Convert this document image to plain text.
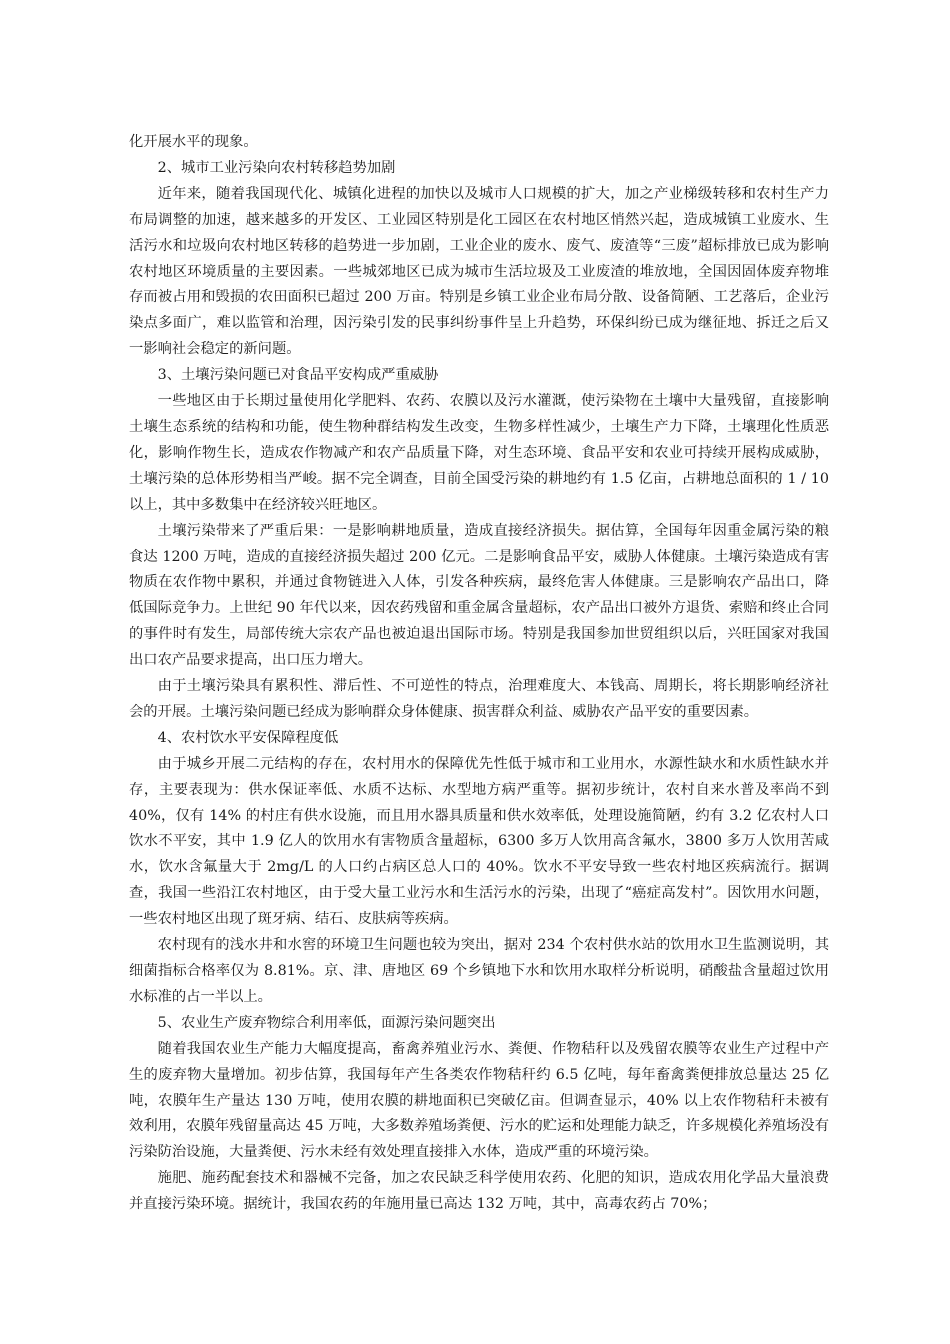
化开展水平的现象。

2、城市工业污染向农村转移趋势加剧

近年来，随着我国现代化、城镇化进程的加快以及城市人口规模的扩大，加之产业梯级转移和农村生产力布局调整的加速，越来越多的开发区、工业园区特别是化工园区在农村地区悄然兴起，造成城镇工业废水、生活污水和垃圾向农村地区转移的趋势进一步加剧，工业企业的废水、废气、废渣等“三废”超标排放已成为影响农村地区环境质量的主要因素。一些城郊地区已成为城市生活垃圾及工业废渣的堆放地，全国因固体废弃物堆存而被占用和毁损的农田面积已超过 200 万亩。特别是乡镇工业企业布局分散、设备简陋、工艺落后，企业污染点多面广，难以监管和治理，因污染引发的民事纠纷事件呈上升趋势，环保纠纷已成为继征地、拆迁之后又一影响社会稳定的新问题。

3、土壤污染问题已对食品平安构成严重威胁

一些地区由于长期过量使用化学肥料、农药、农膜以及污水灌溉，使污染物在土壤中大量残留，直接影响土壤生态系统的结构和功能，使生物种群结构发生改变，生物多样性减少，土壤生产力下降，土壤理化性质恶化，影响作物生长，造成农作物减产和农产品质量下降，对生态环境、食品平安和农业可持续开展构成威胁，土壤污染的总体形势相当严峻。据不完全调查，目前全国受污染的耕地约有 1.5 亿亩，占耕地总面积的 1 / 10 以上，其中多数集中在经济较兴旺地区。

土壤污染带来了严重后果：一是影响耕地质量，造成直接经济损失。据估算，全国每年因重金属污染的粮食达 1200 万吨，造成的直接经济损失超过 200 亿元。二是影响食品平安，威胁人体健康。土壤污染造成有害物质在农作物中累积，并通过食物链进入人体，引发各种疾病，最终危害人体健康。三是影响农产品出口，降低国际竞争力。上世纪 90 年代以来，因农药残留和重金属含量超标，农产品出口被外方退货、索赔和终止合同的事件时有发生，局部传统大宗农产品也被迫退出国际市场。特别是我国参加世贸组织以后，兴旺国家对我国出口农产品要求提高，出口压力增大。

由于土壤污染具有累积性、滞后性、不可逆性的特点，治理难度大、本钱高、周期长，将长期影响经济社会的开展。土壤污染问题已经成为影响群众身体健康、损害群众利益、威胁农产品平安的重要因素。

4、农村饮水平安保障程度低

由于城乡开展二元结构的存在，农村用水的保障优先性低于城市和工业用水，水源性缺水和水质性缺水并存，主要表现为：供水保证率低、水质不达标、水型地方病严重等。据初步统计，农村自来水普及率尚不到 40%，仅有 14% 的村庄有供水设施，而且用水器具质量和供水效率低，处理设施简陋，约有 3.2 亿农村人口饮水不平安，其中 1.9 亿人的饮用水有害物质含量超标，6300 多万人饮用高含氟水，3800 多万人饮用苦咸水，饮水含氟量大于 2mg/L 的人口约占病区总人口的 40%。饮水不平安导致一些农村地区疾病流行。据调查，我国一些沿江农村地区，由于受大量工业污水和生活污水的污染，出现了“癌症高发村”。因饮用水问题，一些农村地区出现了斑牙病、结石、皮肤病等疾病。

农村现有的浅水井和水窖的环境卫生问题也较为突出，据对 234 个农村供水站的饮用水卫生监测说明，其细菌指标合格率仅为 8.81%。京、津、唐地区 69 个乡镇地下水和饮用水取样分析说明，硝酸盐含量超过饮用水标准的占一半以上。

5、农业生产废弃物综合利用率低，面源污染问题突出

随着我国农业生产能力大幅度提高，畜禽养殖业污水、粪便、作物秸秆以及残留农膜等农业生产过程中产生的废弃物大量增加。初步估算，我国每年产生各类农作物秸秆约 6.5 亿吨，每年畜禽粪便排放总量达 25 亿吨，农膜年生产量达 130 万吨，使用农膜的耕地面积已突破亿亩。但调查显示，40% 以上农作物秸秆未被有效利用，农膜年残留量高达 45 万吨，大多数养殖场粪便、污水的贮运和处理能力缺乏，许多规模化养殖场没有污染防治设施，大量粪便、污水未经有效处理直接排入水体，造成严重的环境污染。

施肥、施药配套技术和器械不完备，加之农民缺乏科学使用农药、化肥的知识，造成农用化学品大量浪费并直接污染环境。据统计，我国农药的年施用量已高达 132 万吨，其中，高毒农药占 70%；
